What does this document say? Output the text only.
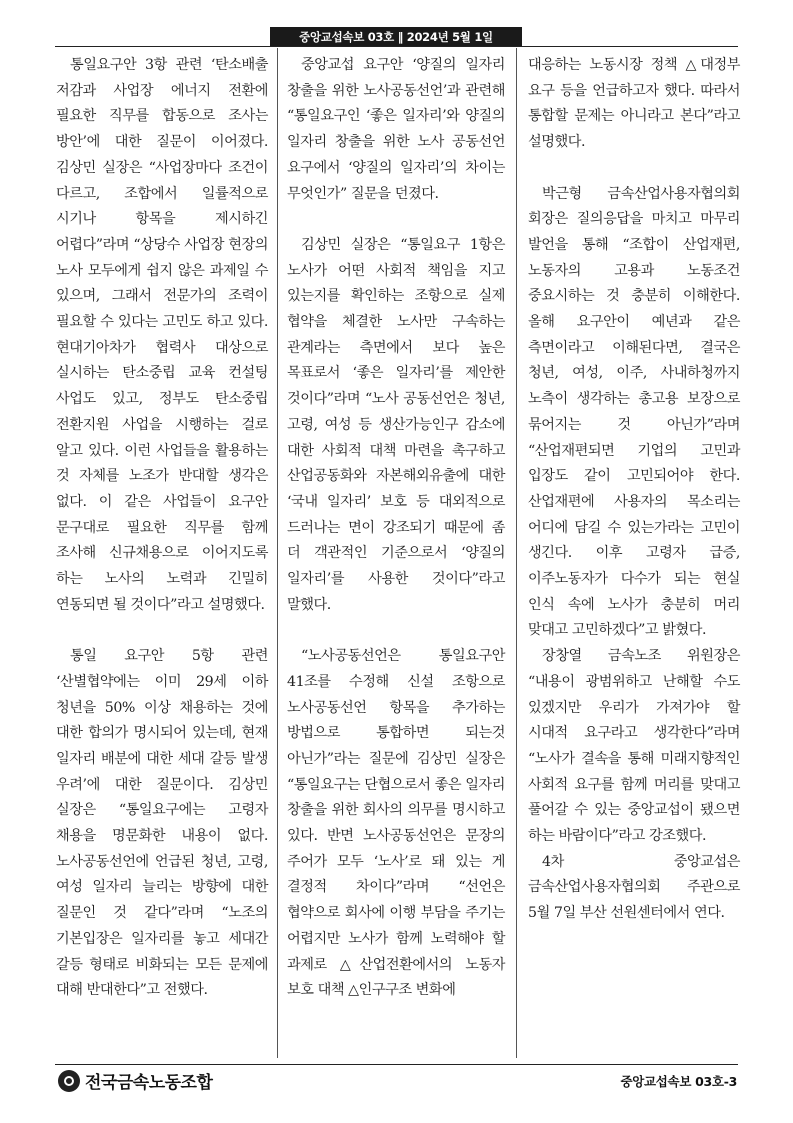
중앙교섭속보 03호 ‖ 2024년 5월 1일

통일요구안 3항 관련 ‘탄소배출 저감과 사업장 에너지 전환에 필요한 직무를 합동으로 조사는 방안’에 대한 질문이 이어졌다. 김상민 실장은 “사업장마다 조건이 다르고, 조합에서 일률적으로 시기나 항목을 제시하긴 어렵다”라며 “상당수 사업장 현장의 노사 모두에게 쉽지 않은 과제일 수 있으며, 그래서 전문가의 조력이 필요할 수 있다는 고민도 하고 있다. 현대기아차가 협력사 대상으로 실시하는 탄소중립 교육 컨설팅 사업도 있고, 정부도 탄소중립 전환지원 사업을 시행하는 걸로 알고 있다. 이런 사업들을 활용하는 것 자체를 노조가 반대할 생각은 없다. 이 같은 사업들이 요구안 문구대로 필요한 직무를 함께 조사해 신규채용으로 이어지도록 하는 노사의 노력과 긴밀히 연동되면 될 것이다”라고 설명했다.

통일 요구안 5항 관련 ‘산별협약에는 이미 29세 이하 청년을 50% 이상 채용하는 것에 대한 합의가 명시되어 있는데, 현재 일자리 배분에 대한 세대 갈등 발생 우려’에 대한 질문이다. 김상민 실장은 “통일요구에는 고령자 채용을 명문화한 내용이 없다. 노사공동선언에 언급된 청년, 고령, 여성 일자리 늘리는 방향에 대한 질문인 것 같다”라며 “노조의 기본입장은 일자리를 놓고 세대간 갈등 형태로 비화되는 모든 문제에 대해 반대한다”고 전했다.

중앙교섭 요구안 ‘양질의 일자리 창출을 위한 노사공동선언’과 관련해 “통일요구인 ‘좋은 일자리’와 양질의 일자리 창출을 위한 노사 공동선언 요구에서 ‘양질의 일자리’의 차이는 무엇인가” 질문을 던졌다.

김상민 실장은 “통일요구 1항은 노사가 어떤 사회적 책임을 지고 있는지를 확인하는 조항으로 실제 협약을 체결한 노사만 구속하는 관계라는 측면에서 보다 높은 목표로서 ‘좋은 일자리’를 제안한 것이다”라며 “노사 공동선언은 청년, 고령, 여성 등 생산가능인구 감소에 대한 사회적 대책 마련을 촉구하고 산업공동화와 자본해외유출에 대한 ‘국내 일자리’ 보호 등 대외적으로 드러나는 면이 강조되기 때문에 좀 더 객관적인 기준으로서 ‘양질의 일자리’를 사용한 것이다”라고 말했다.

“노사공동선언은 통일요구안 41조를 수정해 신설 조항으로 노사공동선언 항목을 추가하는 방법으로 통합하면 되는것 아닌가”라는 질문에 김상민 실장은 “통일요구는 단협으로서 좋은 일자리 창출을 위한 회사의 의무를 명시하고 있다. 반면 노사공동선언은 문장의 주어가 모두 ‘노사’로 돼 있는 게 결정적 차이다”라며 “선언은 협약으로 회사에 이행 부담을 주기는 어렵지만 노사가 함께 노력해야 할 과제로 △산업전환에서의 노동자 보호 대책 △인구구조 변화에

대응하는 노동시장 정책 △대정부 요구 등을 언급하고자 했다. 따라서 통합할 문제는 아니라고 본다”라고 설명했다.

박근형 금속산업사용자협의회 회장은 질의응답을 마치고 마무리 발언을 통해 “조합이 산업재편, 노동자의 고용과 노동조건 중요시하는 것 충분히 이해한다. 올해 요구안이 예년과 같은 측면이라고 이해된다면, 결국은 청년, 여성, 이주, 사내하청까지 노측이 생각하는 총고용 보장으로 묶어지는 것 아닌가”라며 “산업재편되면 기업의 고민과 입장도 같이 고민되어야 한다. 산업재편에 사용자의 목소리는 어디에 담길 수 있는가라는 고민이 생긴다. 이후 고령자 급증, 이주노동자가 다수가 되는 현실 인식 속에 노사가 충분히 머리 맞대고 고민하겠다”고 밝혔다.

장창열 금속노조 위원장은 “내용이 광범위하고 난해할 수도 있겠지만 우리가 가져가야 할 시대적 요구라고 생각한다”라며 “노사가 결속을 통해 미래지향적인 사회적 요구를 함께 머리를 맞대고 풀어갈 수 있는 중앙교섭이 됐으면 하는 바람이다”라고 강조했다.

4차 중앙교섭은 금속산업사용자협의회 주관으로 5월 7일 부산 선원센터에서 연다.

전국금속노동조합	중앙교섭속보 03호-3
